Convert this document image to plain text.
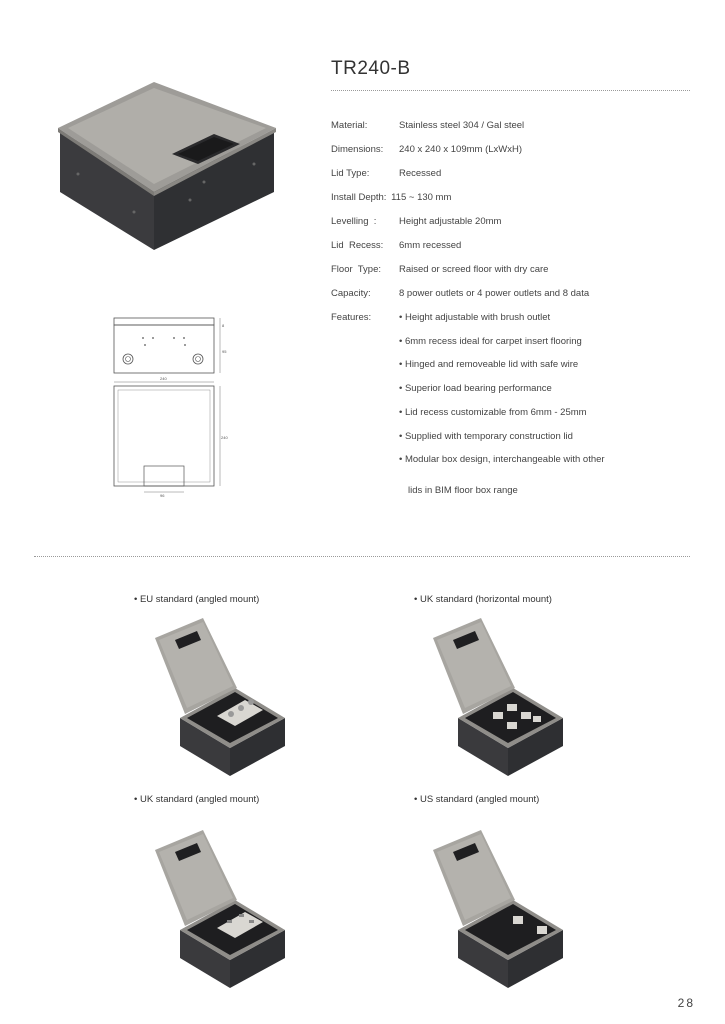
TR240-B
8
95
240
240
96
Material:	Stainless steel 304 / Gal steel
Dimensions: 240 x 240 x 109mm (LxWxH)
Lid Type:	Recessed
Install Depth: 115 ~ 130 mm
Levelling  : Height adjustable 20mm
Lid  Recess: 6mm recessed
Floor  Type: Raised or screed floor with dry care
Capacity:	8 power outlets or 4 power outlets and 8 data
Features:	• Height adjustable with brush outlet
• 6mm recess ideal for carpet insert flooring
• Hinged and removeable lid with safe wire
• Superior load bearing performance
• Lid recess customizable from 6mm - 25mm
• Supplied with temporary construction lid
• Modular box design, interchangeable with other
lids in BIM floor box range
• EU standard (angled mount)	• UK standard (horizontal mount)
• UK standard (angled mount)	• US standard (angled mount)
28
